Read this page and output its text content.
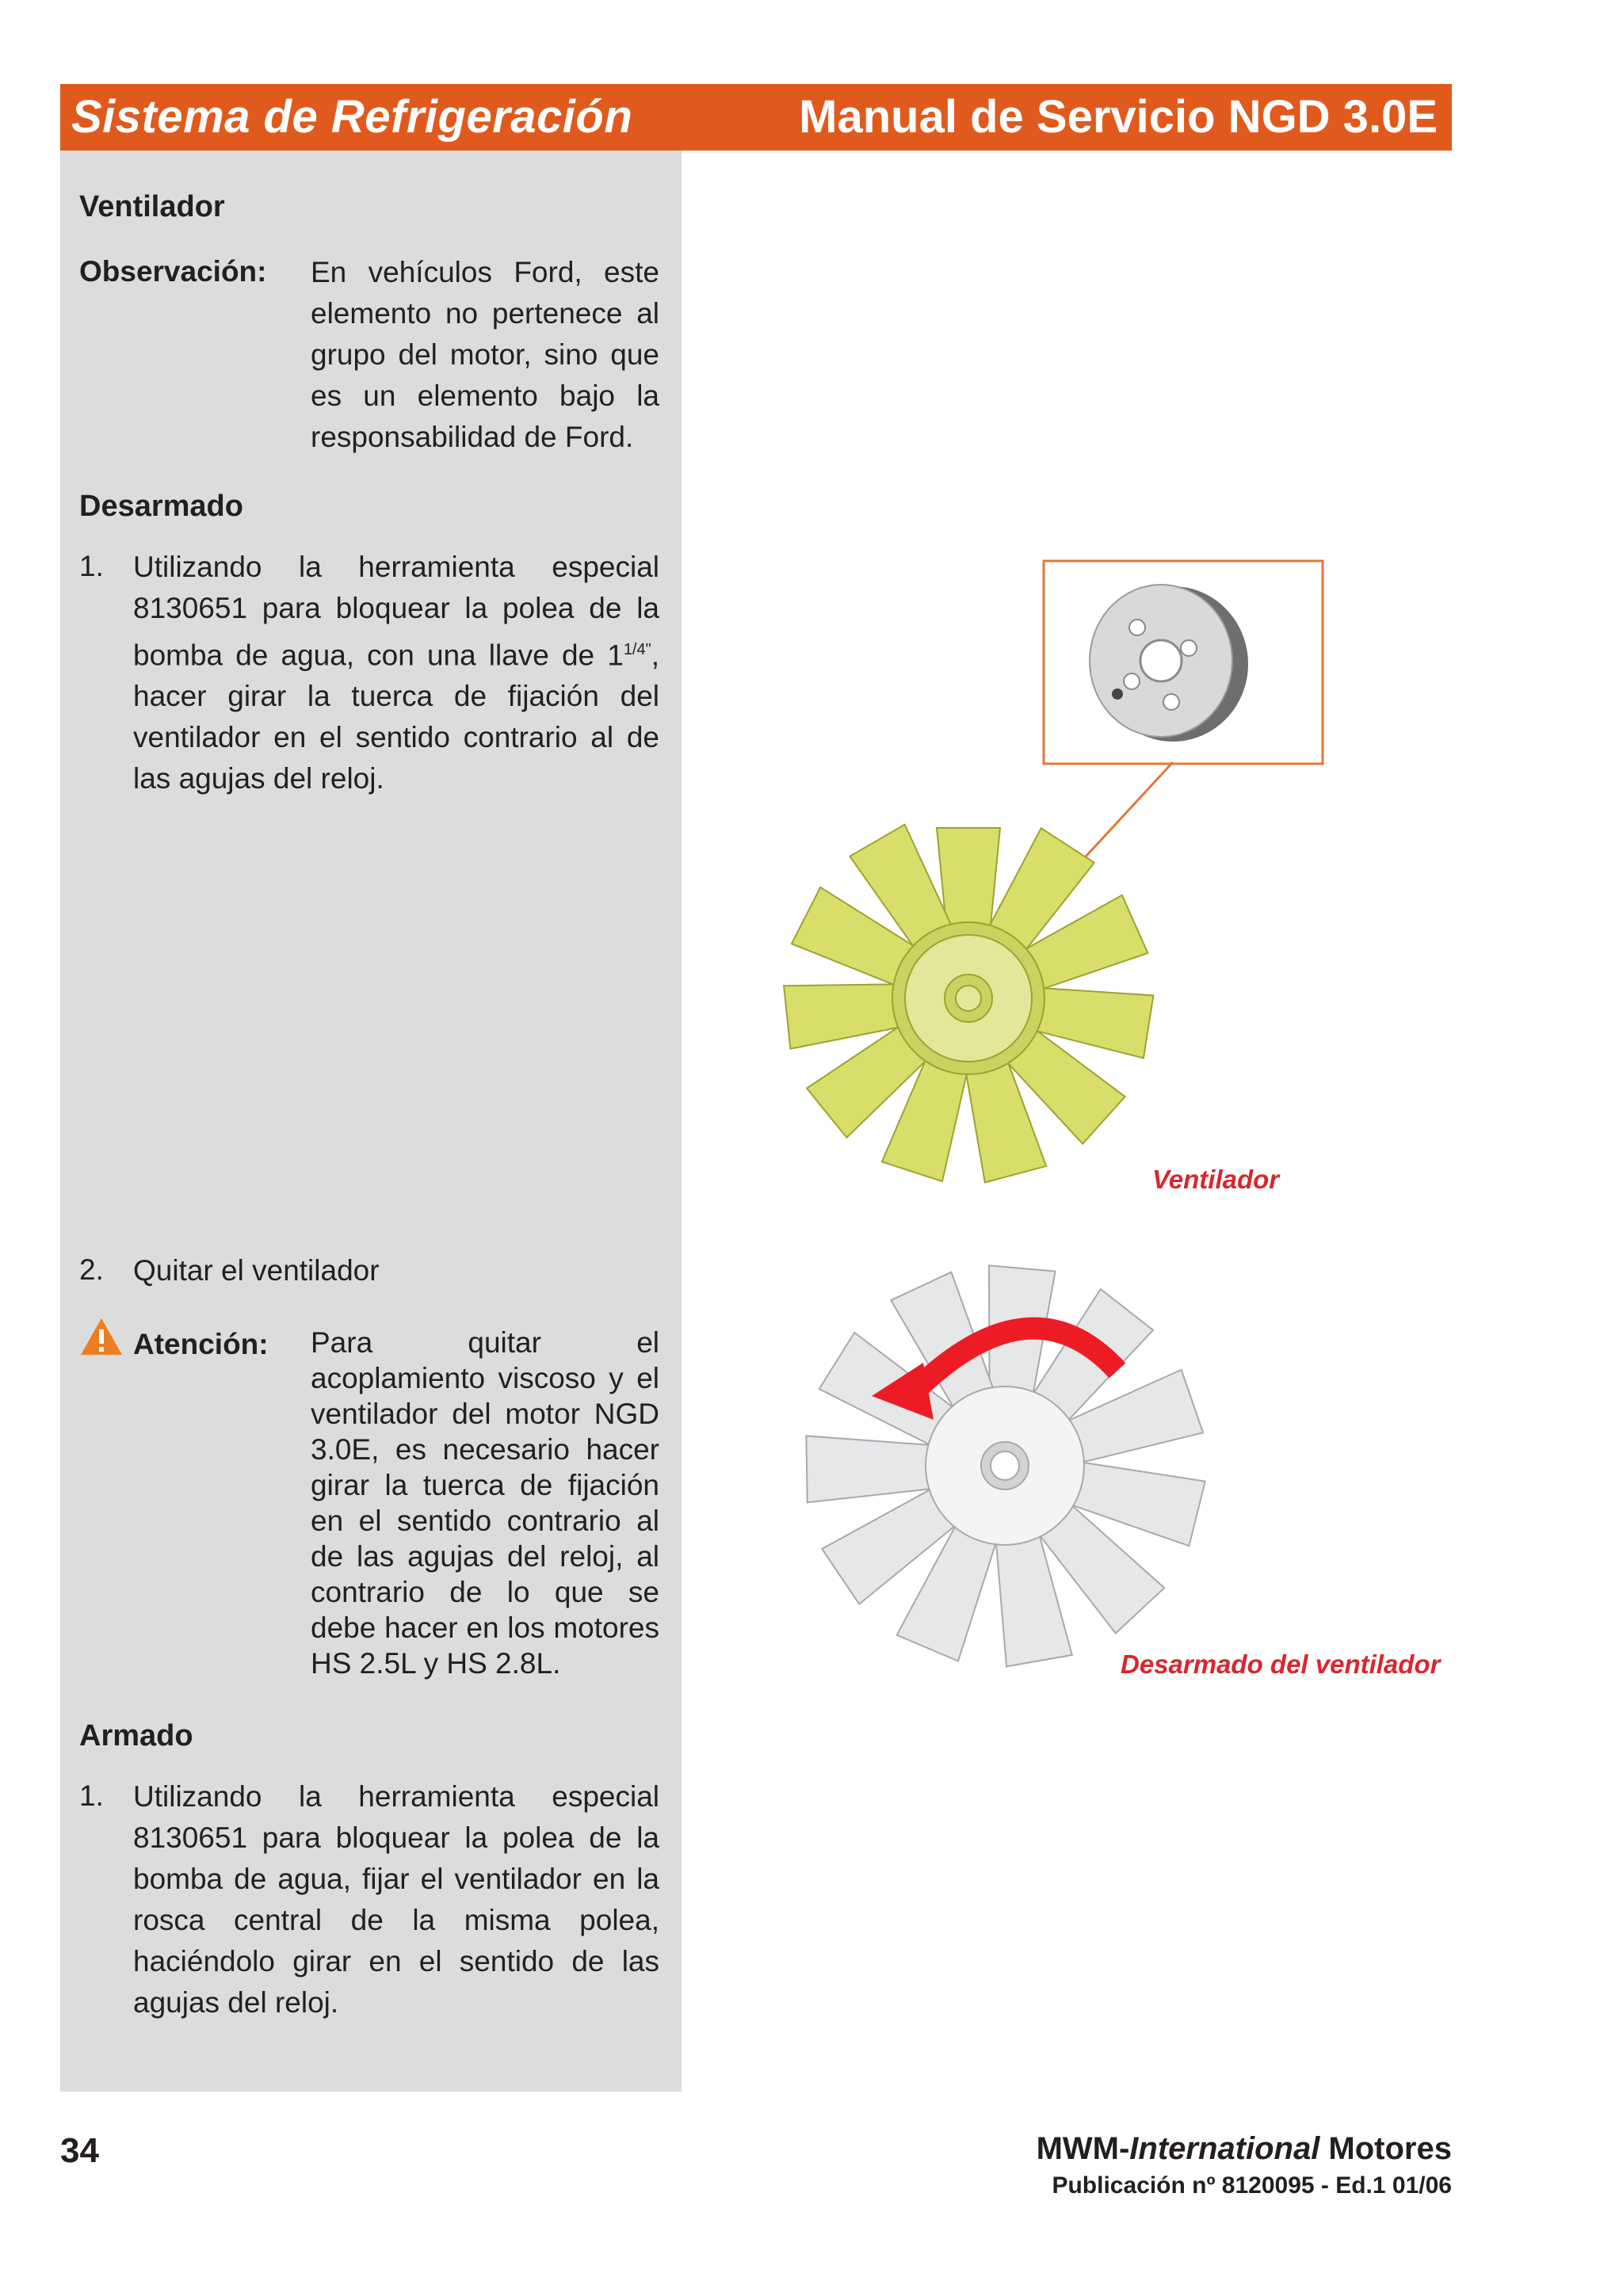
Sistema de Refrigeración	Manual de Servicio NGD 3.0E
Ventilador
Observación: En vehículos Ford, este elemento no pertenece al grupo del motor, sino que es un elemento bajo la responsabilidad de Ford.
Desarmado
1. Utilizando la herramienta especial 8130651 para bloquear la polea de la bomba de agua, con una llave de $1^{1/4"}$, hacer girar la tuerca de fijación del ventilador en el sentido contrario al de las agujas del reloj.
2. Quitar el ventilador
Atención: Para quitar el acoplamiento viscoso y el ventilador del motor NGD 3.0E, es necesario hacer girar la tuerca de fijación en el sentido contrario al de las agujas del reloj, al contrario de lo que se debe hacer en los motores HS 2.5L y HS 2.8L.
Armado
1. Utilizando la herramienta especial 8130651 para bloquear la polea de la bomba de agua, fijar el ventilador en la rosca central de la misma polea, haciéndolo girar en el sentido de las agujas del reloj.
Ventilador
Desarmado del ventilador
34	MWM-International Motores
Publicación nº 8120095 - Ed.1 01/06
